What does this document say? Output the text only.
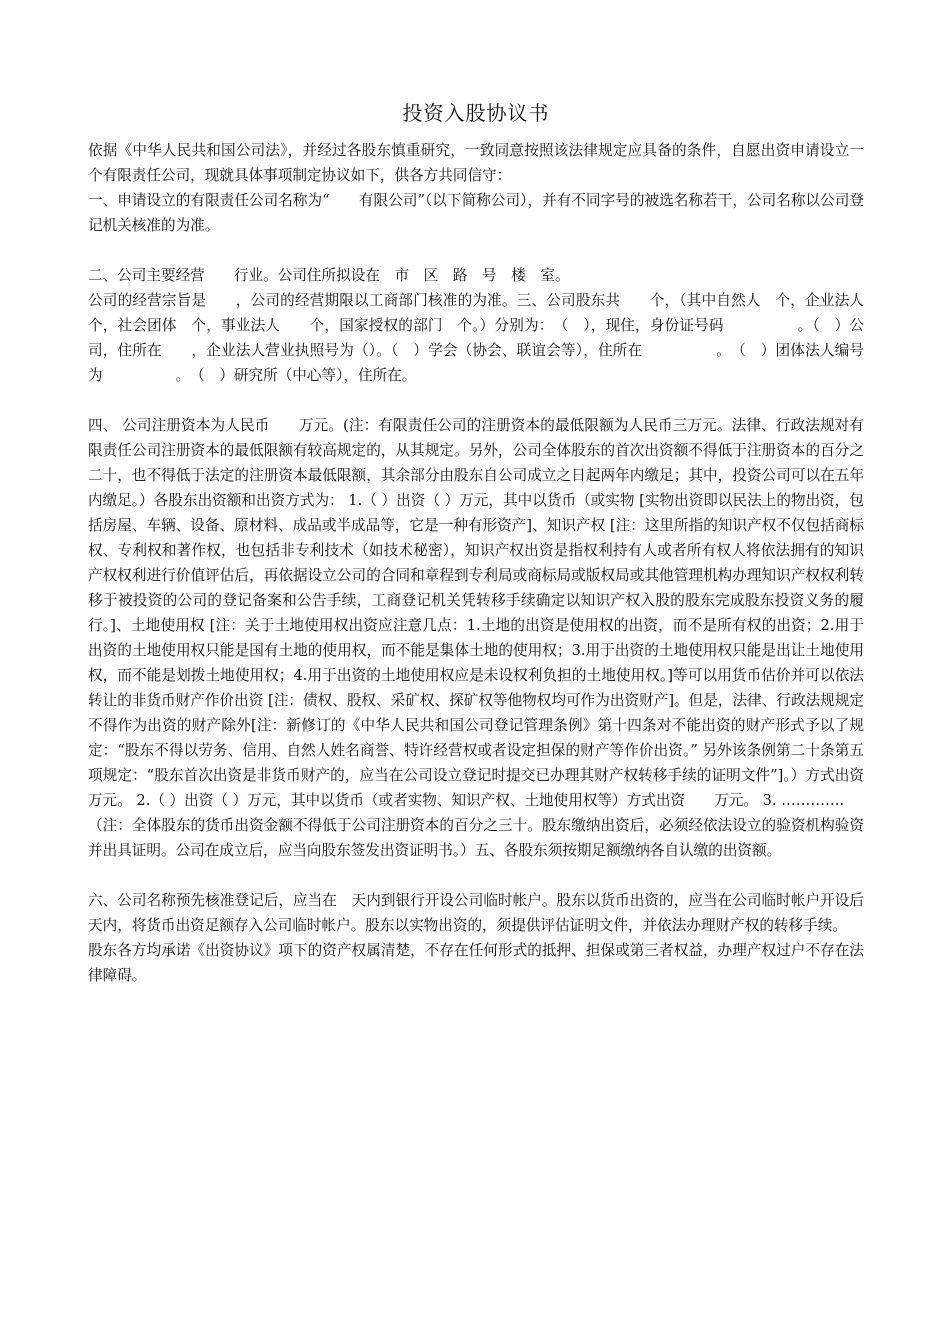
投资入股协议书

依据《中华人民共和国公司法》，并经过各股东慎重研究，一致同意按照该法律规定应具备的条件，自愿出资申请设立一个有限责任公司，现就具体事项制定协议如下，供各方共同信守：

一、申请设立的有限责任公司名称为“　　有限公司”（以下简称公司），并有不同字号的被选名称若干，公司名称以公司登记机关核准的为准。

二、公司主要经营　　行业。公司住所拟设在　市　区　路　号　楼　室。

公司的经营宗旨是　　，公司的经营期限以工商部门核准的为准。三、公司股东共　　个，（其中自然人　个，企业法人　个，社会团体　个，事业法人　　个，国家授权的部门　个。）分别为：　（　），现住，身份证号码　　　　　。（　）公司，住所在　　，企业法人营业执照号为（）。（　）学会（协会、联谊会等），住所在　　　　　。　（　）团体法人编号为　　　　　。　（　）研究所（中心等），住所在。

四、 公司注册资本为人民币　　万元。(注：有限责任公司的注册资本的最低限额为人民币三万元。法律、行政法规对有限责任公司注册资本的最低限额有较高规定的，从其规定。另外，公司全体股东的首次出资额不得低于注册资本的百分之二十，也不得低于法定的注册资本最低限额，其余部分由股东自公司成立之日起两年内缴足；其中，投资公司可以在五年内缴足。）各股东出资额和出资方式为： 1.（ ）出资（ ）万元，其中以货币（或实物 [实物出资即以民法上的物出资，包括房屋、车辆、设备、原材料、成品或半成品等，它是一种有形资产]、知识产权 [注：这里所指的知识产权不仅包括商标权、专利权和著作权，也包括非专利技术（如技术秘密），知识产权出资是指权利持有人或者所有权人将依法拥有的知识产权权利进行价值评估后，再依据设立公司的合同和章程到专利局或商标局或版权局或其他管理机构办理知识产权权利转移于被投资的公司的登记备案和公告手续，工商登记机关凭转移手续确定以知识产权入股的股东完成股东投资义务的履行。]、土地使用权 [注：关于土地使用权出资应注意几点：1.土地的出资是使用权的出资，而不是所有权的出资；2.用于出资的土地使用权只能是国有土地的使用权，而不能是集体土地的使用权；3.用于出资的土地使用权只能是出让土地使用权，而不能是划拨土地使用权；4.用于出资的土地使用权应是未设权利负担的土地使用权。]等可以用货币估价并可以依法转让的非货币财产作价出资 [注：债权、股权、采矿权、探矿权等他物权均可作为出资财产]。但是，法律、行政法规规定不得作为出资的财产除外[注：新修订的《中华人民共和国公司登记管理条例》第十四条对不能出资的财产形式予以了规定：“股东不得以劳务、信用、自然人姓名商誉、特许经营权或者设定担保的财产等作价出资。” 另外该条例第二十条第五项规定：“股东首次出资是非货币财产的，应当在公司设立登记时提交已办理其财产权转移手续的证明文件”]。）方式出资　　万元。 2.（ ）出资（ ）万元，其中以货币（或者实物、知识产权、土地使用权等）方式出资　　万元。 3. ………….

（注：全体股东的货币出资金额不得低于公司注册资本的百分之三十。股东缴纳出资后，必须经依法设立的验资机构验资并出具证明。公司在成立后，应当向股东签发出资证明书。）五、各股东须按期足额缴纳各自认缴的出资额。

六、公司名称预先核准登记后，应当在　天内到银行开设公司临时帐户。股东以货币出资的，应当在公司临时帐户开设后　天内，将货币出资足额存入公司临时帐户。股东以实物出资的，须提供评估证明文件，并依法办理财产权的转移手续。

股东各方均承诺《出资协议》项下的资产权属清楚，不存在任何形式的抵押、担保或第三者权益，办理产权过户不存在法律障碍。
